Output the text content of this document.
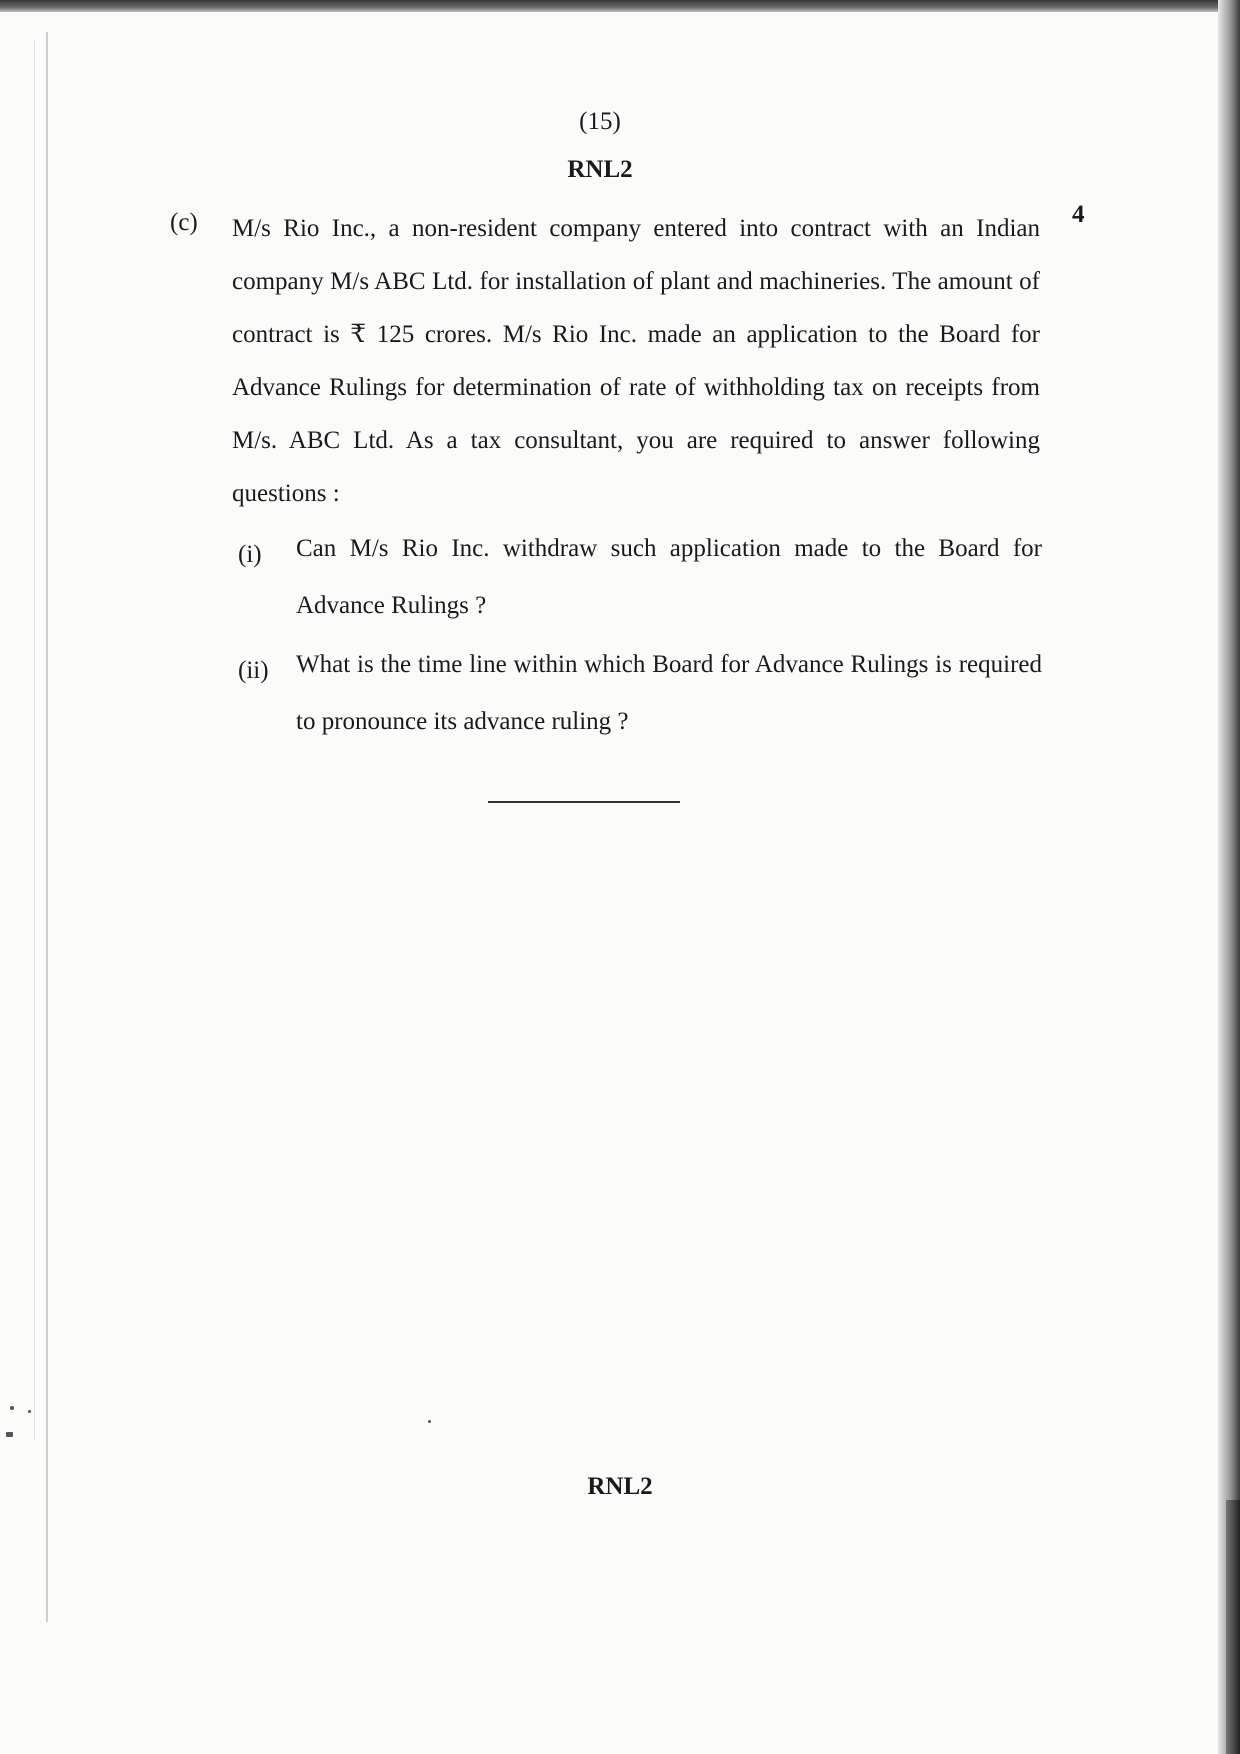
(15)
RNL2
(c)	4

M/s Rio Inc., a non-resident company entered into contract with an Indian company M/s ABC Ltd. for installation of plant and machineries. The amount of contract is ₹ 125 crores. M/s Rio Inc. made an application to the Board for Advance Rulings for determination of rate of withholding tax on receipts from M/s. ABC Ltd. As a tax consultant, you are required to answer following questions :

(i) Can M/s Rio Inc. withdraw such application made to the Board for Advance Rulings ?

(ii) What is the time line within which Board for Advance Rulings is required to pronounce its advance ruling ?

RNL2
